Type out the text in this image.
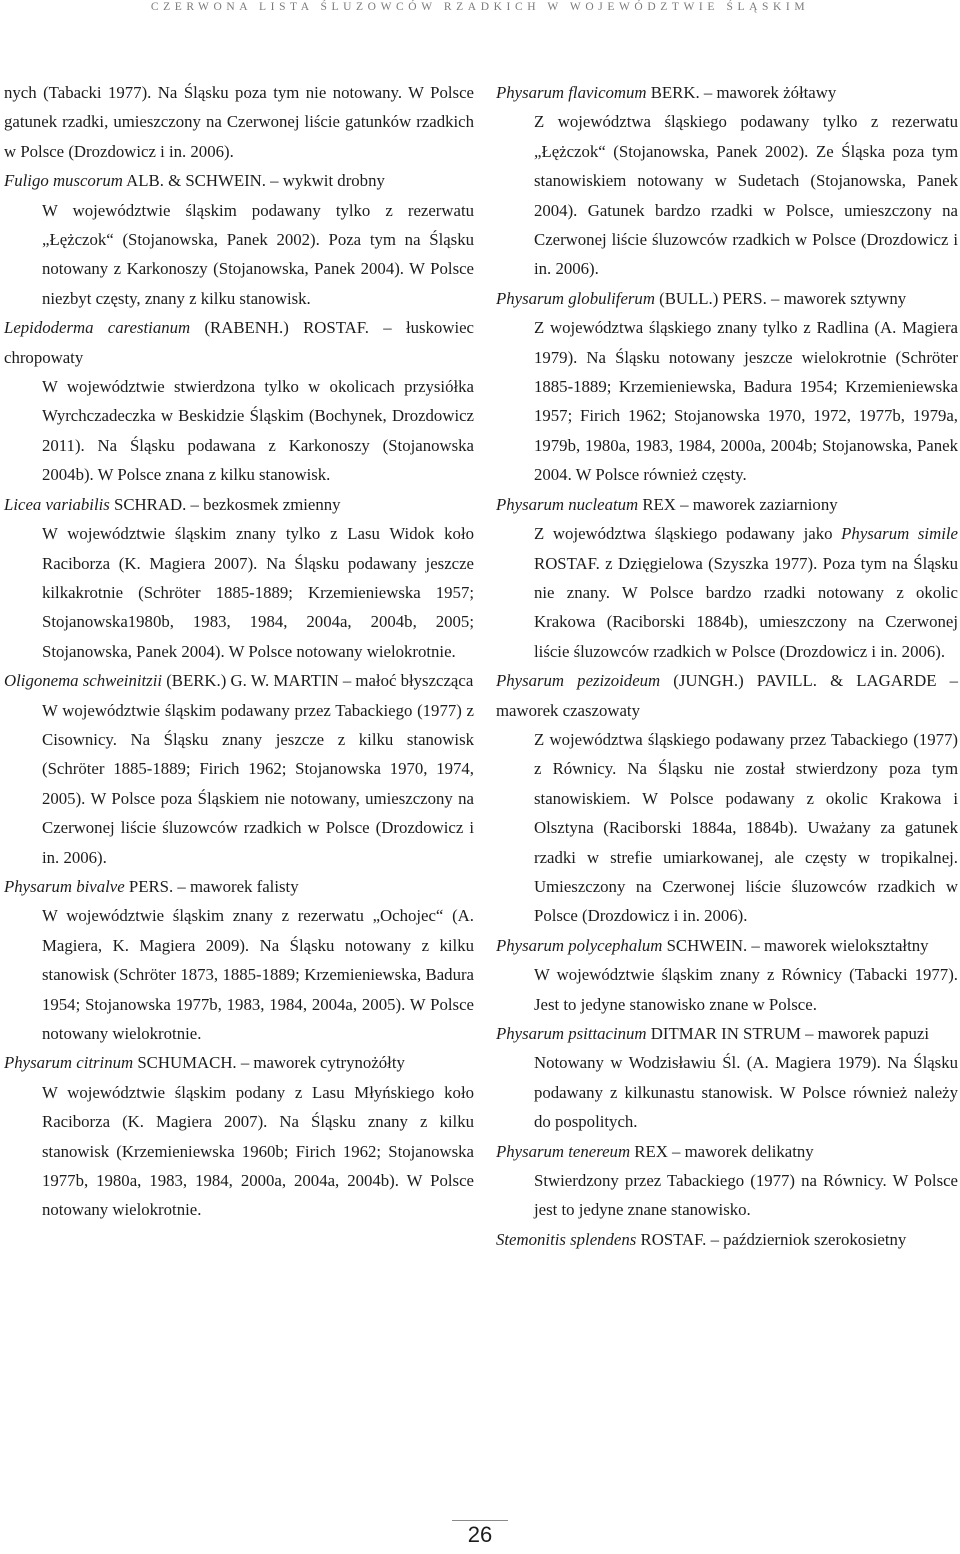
CZERWONA LISTA ŚLUZOWCÓW RZADKICH W WOJEWÓDZTWIE ŚLĄSKIM

nych (Tabacki 1977). Na Śląsku poza tym nie notowany. W Polsce gatunek rzadki, umieszczony na Czerwonej liście gatunków rzadkich w Polsce (Drozdowicz i in. 2006).

Fuligo muscorum ALB. & SCHWEIN. – wykwit drobny

W województwie śląskim podawany tylko z rezerwatu „Łężczok“ (Stojanowska, Panek 2002). Poza tym na Śląsku notowany z Karkonoszy (Stojanowska, Panek 2004). W Polsce niezbyt częsty, znany z kilku stanowisk.

Lepidoderma carestianum (RABENH.) ROSTAF. – łuskowiec chropowaty

W województwie stwierdzona tylko w okolicach przysiółka Wyrchczadeczka w Beskidzie Śląskim (Bochynek, Drozdowicz 2011). Na Śląsku podawana z Karkonoszy (Stojanowska 2004b). W Polsce znana z kilku stanowisk.

Licea variabilis SCHRAD. – bezkosmek zmienny

W województwie śląskim znany tylko z Lasu Widok koło Raciborza (K. Magiera 2007). Na Śląsku podawany jeszcze kilkakrotnie (Schröter 1885-1889; Krzemieniewska 1957; Stojanowska1980b, 1983, 1984, 2004a, 2004b, 2005; Stojanowska, Panek 2004). W Polsce notowany wielokrotnie.

Oligonema schweinitzii (BERK.) G. W. MARTIN – małoć błyszcząca

W województwie śląskim podawany przez Tabackiego (1977) z Cisownicy. Na Śląsku znany jeszcze z kilku stanowisk (Schröter 1885-1889; Firich 1962; Stojanowska 1970, 1974, 2005). W Polsce poza Śląskiem nie notowany, umieszczony na Czerwonej liście śluzowców rzadkich w Polsce (Drozdowicz i in. 2006).

Physarum bivalve PERS. – maworek falisty

W województwie śląskim znany z rezerwatu „Ochojec“ (A. Magiera, K. Magiera 2009). Na Śląsku notowany z kilku stanowisk (Schröter 1873, 1885-1889; Krzemieniewska, Badura 1954; Stojanowska 1977b, 1983, 1984, 2004a, 2005). W Polsce notowany wielokrotnie.

Physarum citrinum SCHUMACH. – maworek cytrynożółty

W województwie śląskim podany z Lasu Młyńskiego koło Raciborza (K. Magiera 2007). Na Śląsku znany z kilku stanowisk (Krzemieniewska 1960b; Firich 1962; Stojanowska 1977b, 1980a, 1983, 1984, 2000a, 2004a, 2004b). W Polsce notowany wielokrotnie.

Physarum flavicomum BERK. – maworek żółtawy

Z województwa śląskiego podawany tylko z rezerwatu „Łężczok“ (Stojanowska, Panek 2002). Ze Śląska poza tym stanowiskiem notowany w Sudetach (Stojanowska, Panek 2004). Gatunek bardzo rzadki w Polsce, umieszczony na Czerwonej liście śluzowców rzadkich w Polsce (Drozdowicz i in. 2006).

Physarum globuliferum (BULL.) PERS. – maworek sztywny

Z województwa śląskiego znany tylko z Radlina (A. Magiera 1979). Na Śląsku notowany jeszcze wielokrotnie (Schröter 1885-1889; Krzemieniewska, Badura 1954; Krzemieniewska 1957; Firich 1962; Stojanowska 1970, 1972, 1977b, 1979a, 1979b, 1980a, 1983, 1984, 2000a, 2004b; Stojanowska, Panek 2004. W Polsce również częsty.

Physarum nucleatum REX – maworek zaziarniony

Z województwa śląskiego podawany jako Physarum simile ROSTAF. z Dzięgielowa (Szyszka 1977). Poza tym na Śląsku nie znany. W Polsce bardzo rzadki notowany z okolic Krakowa (Raciborski 1884b), umieszczony na Czerwonej liście śluzowców rzadkich w Polsce (Drozdowicz i in. 2006).

Physarum pezizoideum (JUNGH.) PAVILL. & LAGARDE – maworek czaszowaty

Z województwa śląskiego podawany przez Tabackiego (1977) z Równicy. Na Śląsku nie został stwierdzony poza tym stanowiskiem. W Polsce podawany z okolic Krakowa i Olsztyna (Raciborski 1884a, 1884b). Uważany za gatunek rzadki w strefie umiarkowanej, ale częsty w tropikalnej. Umieszczony na Czerwonej liście śluzowców rzadkich w Polsce (Drozdowicz i in. 2006).

Physarum polycephalum SCHWEIN. – maworek wielokształtny

W województwie śląskim znany z Równicy (Tabacki 1977). Jest to jedyne stanowisko znane w Polsce.

Physarum psittacinum DITMAR IN STRUM – maworek papuzi

Notowany w Wodzisławiu Śl. (A. Magiera 1979). Na Śląsku podawany z kilkunastu stanowisk. W Polsce również należy do pospolitych.

Physarum tenereum REX – maworek delikatny

Stwierdzony przez Tabackiego (1977) na Równicy. W Polsce jest to jedyne znane stanowisko.

Stemonitis splendens ROSTAF. – październiok szerokosietny

26
